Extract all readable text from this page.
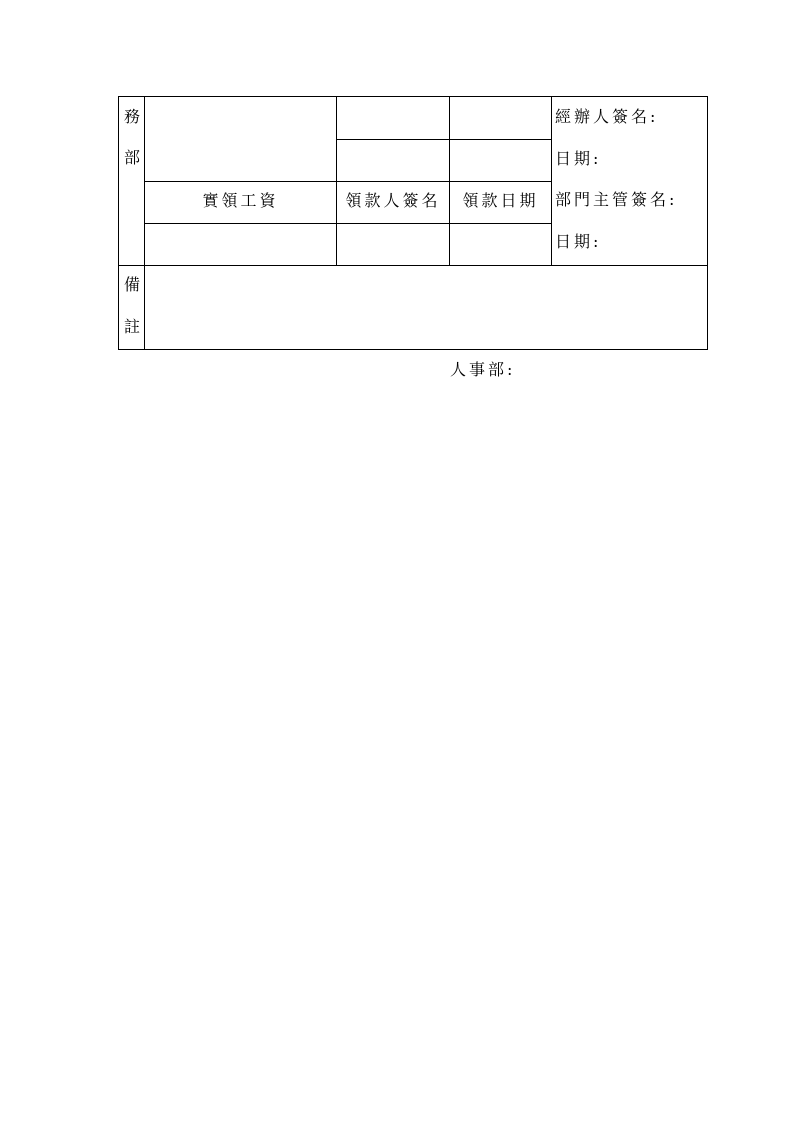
務
部
實領工資	領款人簽名	領款日期
經辦人簽名:
日期:
部門主管簽名:
日期:
備
註
人事部:
